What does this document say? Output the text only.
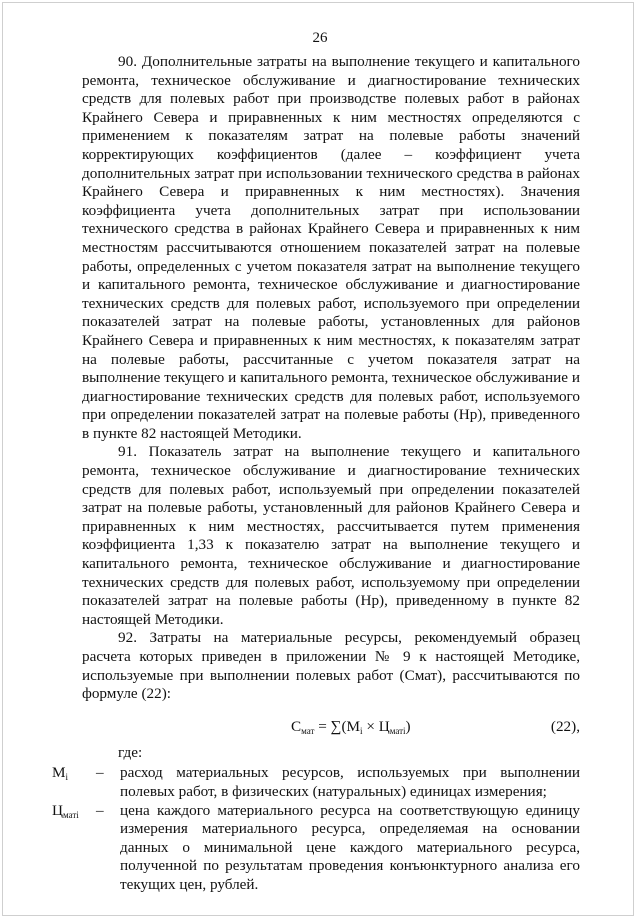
26

90. Дополнительные затраты на выполнение текущего и капитального ремонта, техническое обслуживание и диагностирование технических средств для полевых работ при производстве полевых работ в районах Крайнего Севера и приравненных к ним местностях определяются с применением к показателям затрат на полевые работы значений корректирующих коэффициентов (далее – коэффициент учета дополнительных затрат при использовании технического средства в районах Крайнего Севера и приравненных к ним местностях). Значения коэффициента учета дополнительных затрат при использовании технического средства в районах Крайнего Севера и приравненных к ним местностям рассчитываются отношением показателей затрат на полевые работы, определенных с учетом показателя затрат на выполнение текущего и капитального ремонта, техническое обслуживание и диагностирование технических средств для полевых работ, используемого при определении показателей затрат на полевые работы, установленных для районов Крайнего Севера и приравненных к ним местностях, к показателям затрат на полевые работы, рассчитанные с учетом показателя затрат на выполнение текущего и капитального ремонта, техническое обслуживание и диагностирование технических средств для полевых работ, используемого при определении показателей затрат на полевые работы (Нр), приведенного в пункте 82 настоящей Методики.

91. Показатель затрат на выполнение текущего и капитального ремонта, техническое обслуживание и диагностирование технических средств для полевых работ, используемый при определении показателей затрат на полевые работы, установленный для районов Крайнего Севера и приравненных к ним местностях, рассчитывается путем применения коэффициента 1,33 к показателю затрат на выполнение текущего и капитального ремонта, техническое обслуживание и диагностирование технических средств для полевых работ, используемому при определении показателей затрат на полевые работы (Нр), приведенному в пункте 82 настоящей Методики.

92. Затраты на материальные ресурсы, рекомендуемый образец расчета которых приведен в приложении № 9 к настоящей Методике, используемые при выполнении полевых работ (Смат), рассчитываются по формуле (22):

$С_{мат} = \sum(M_i \times Ц_{матi})$	(22),

где:

$M_i$	–	расход материальных ресурсов, используемых при выполнении полевых работ, в физических (натуральных) единицах измерения;
$Ц_{матi}$	–	цена каждого материального ресурса на соответствующую единицу измерения материального ресурса, определяемая на основании данных о минимальной цене каждого материального ресурса, полученной по результатам проведения конъюнктурного анализа его текущих цен, рублей.
